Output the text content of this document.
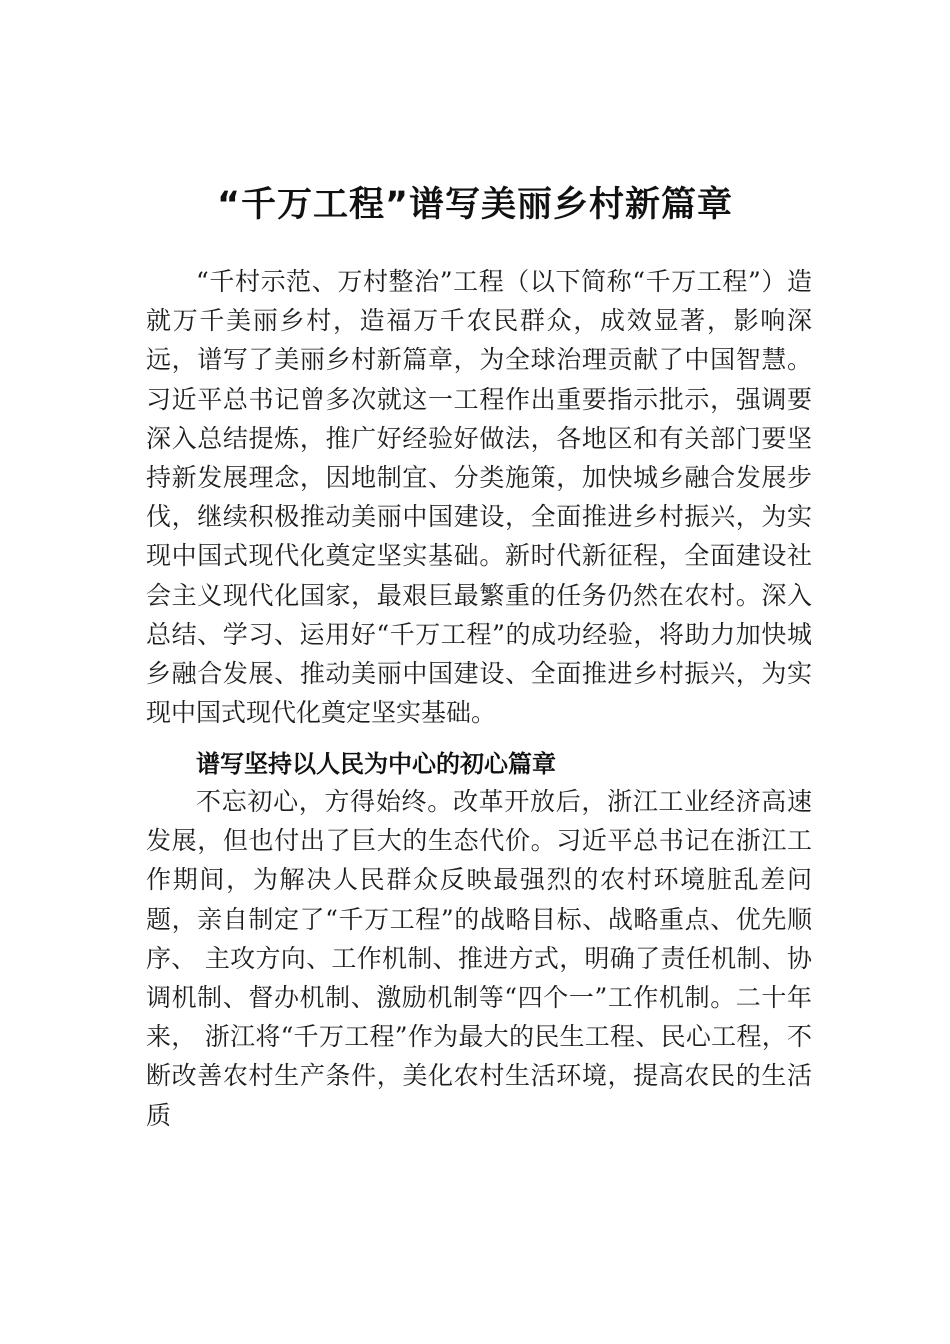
“千万工程”谱写美丽乡村新篇章

“千村示范、万村整治”工程（以下简称“千万工程”）造就万千美丽乡村，造福万千农民群众，成效显著，影响深远，谱写了美丽乡村新篇章，为全球治理贡献了中国智慧。 习近平总书记曾多次就这一工程作出重要指示批示，强调要深入总结提炼，推广好经验好做法，各地区和有关部门要坚持新发展理念，因地制宜、分类施策，加快城乡融合发展步伐，继续积极推动美丽中国建设，全面推进乡村振兴，为实现中国式现代化奠定坚实基础。新时代新征程，全面建设社会主义现代化国家，最艰巨最繁重的任务仍然在农村。深入总结、学习、运用好“千万工程”的成功经验，将助力加快城乡融合发展、推动美丽中国建设、全面推进乡村振兴，为实现中国式现代化奠定坚实基础。

谱写坚持以人民为中心的初心篇章

不忘初心，方得始终。改革开放后，浙江工业经济高速发展，但也付出了巨大的生态代价。习近平总书记在浙江工作期间，为解决人民群众反映最强烈的农村环境脏乱差问题，亲自制定了“千万工程”的战略目标、战略重点、优先顺序、 主攻方向、工作机制、推进方式，明确了责任机制、协调机制、督办机制、激励机制等“四个一”工作机制。二十年来， 浙江将“千万工程”作为最大的民生工程、民心工程，不断改善农村生产条件，美化农村生活环境，提高农民的生活质
